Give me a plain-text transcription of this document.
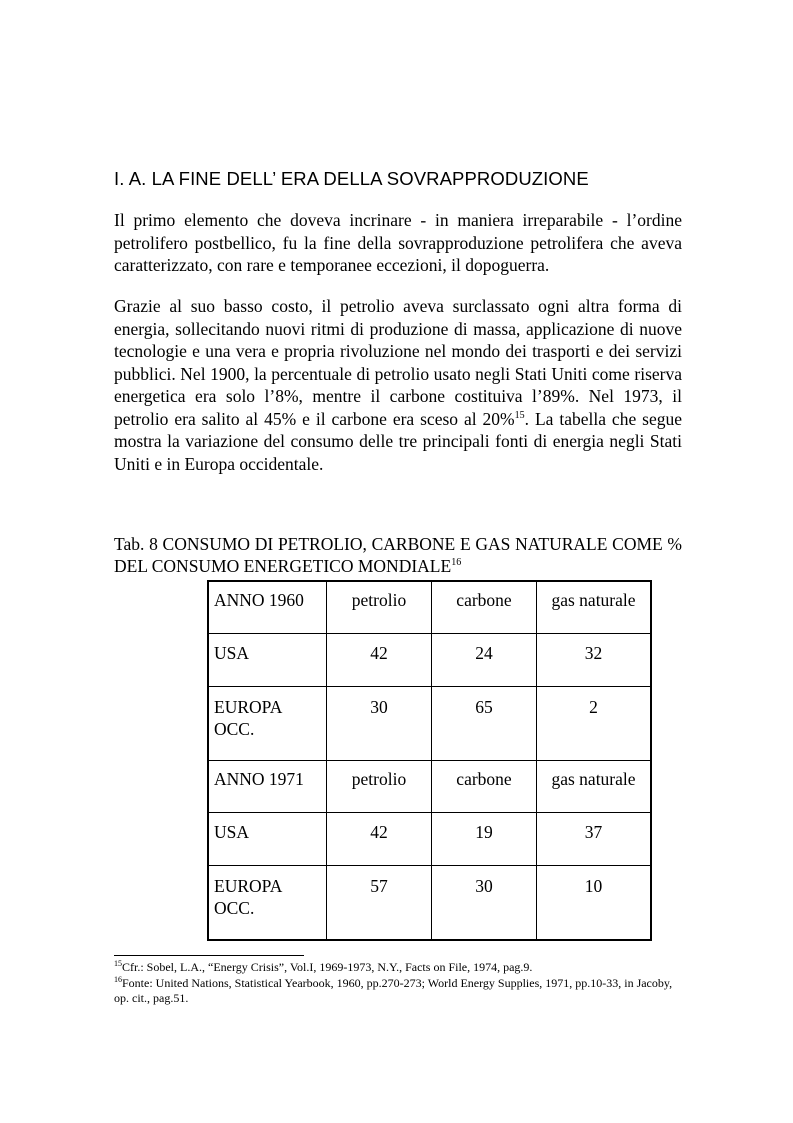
I. A. LA FINE DELL’ ERA DELLA SOVRAPPRODUZIONE

Il primo elemento che doveva incrinare - in maniera irreparabile - l’ordine petrolifero postbellico, fu la fine della sovrapproduzione petrolifera che aveva caratterizzato, con rare e temporanee eccezioni, il dopoguerra.

Grazie al suo basso costo, il petrolio aveva surclassato ogni altra forma di energia, sollecitando nuovi ritmi di produzione di massa, applicazione di nuove tecnologie e una vera e propria rivoluzione nel mondo dei trasporti e dei servizi pubblici. Nel 1900, la percentuale di petrolio usato negli Stati Uniti come riserva energetica era solo l’8%, mentre il carbone costituiva l’89%. Nel 1973, il petrolio era salito al 45% e il carbone era sceso al 20%$^{15}$. La tabella che segue mostra la variazione del consumo delle tre principali fonti di energia negli Stati Uniti e in Europa occidentale.

Tab. 8 CONSUMO DI PETROLIO, CARBONE E GAS NATURALE COME % DEL CONSUMO ENERGETICO MONDIALE$^{16}$

ANNO 1960	petrolio	carbone	gas naturale
USA	42	24	32
EUROPA OCC.	30	65	2
ANNO 1971	petrolio	carbone	gas naturale
USA	42	19	37
EUROPA OCC.	57	30	10

$^{15}$Cfr.: Sobel, L.A., “Energy Crisis”, Vol.I, 1969-1973, N.Y., Facts on File, 1974, pag.9.

$^{16}$Fonte: United Nations, Statistical Yearbook, 1960, pp.270-273; World Energy Supplies, 1971, pp.10-33, in Jacoby, op. cit., pag.51.
